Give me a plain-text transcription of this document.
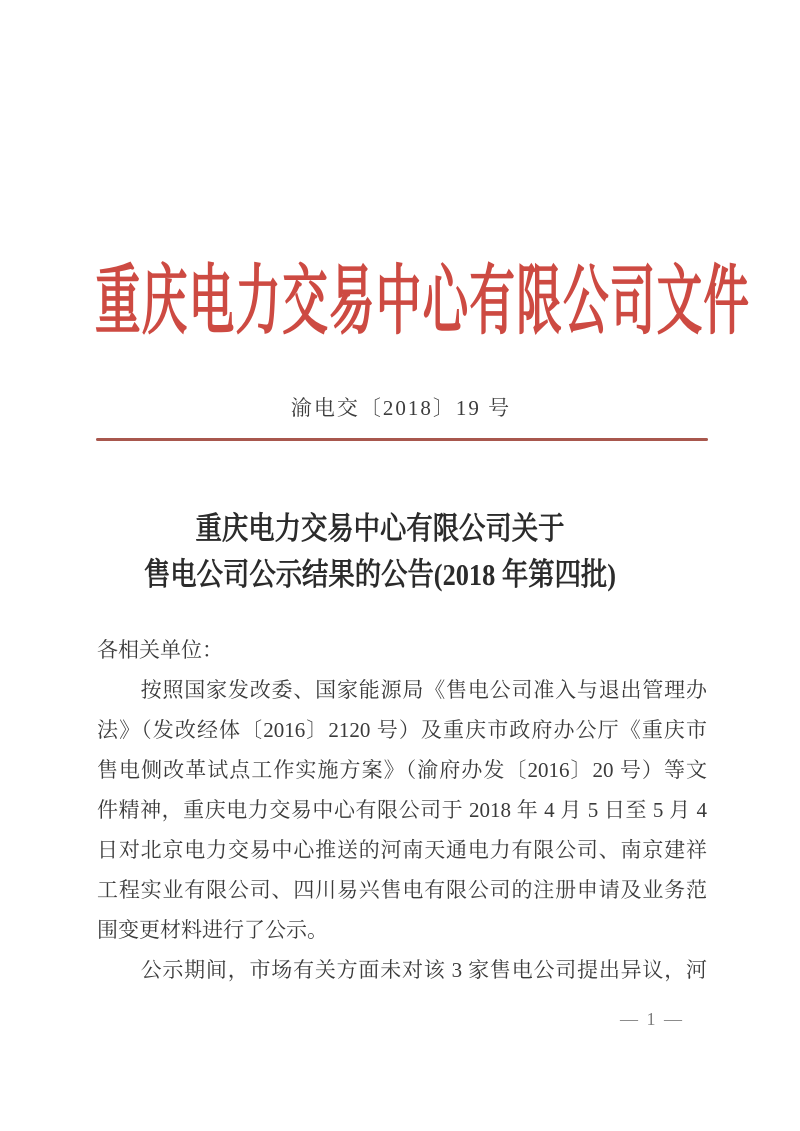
重庆电力交易中心有限公司文件
渝电交〔2018〕19 号
重庆电力交易中心有限公司关于
售电公司公示结果的公告(2018 年第四批)
各相关单位：
　　按照国家发改委、国家能源局《售电公司准入与退出管理办
法》（发改经体〔2016〕2120 号）及重庆市政府办公厅《重庆市
售电侧改革试点工作实施方案》（渝府办发〔2016〕20 号）等文
件精神，重庆电力交易中心有限公司于 2018 年 4 月 5 日至 5 月 4
日对北京电力交易中心推送的河南天通电力有限公司、南京建祥
工程实业有限公司、四川易兴售电有限公司的注册申请及业务范
围变更材料进行了公示。
　　公示期间，市场有关方面未对该 3 家售电公司提出异议，河
— 1 —
